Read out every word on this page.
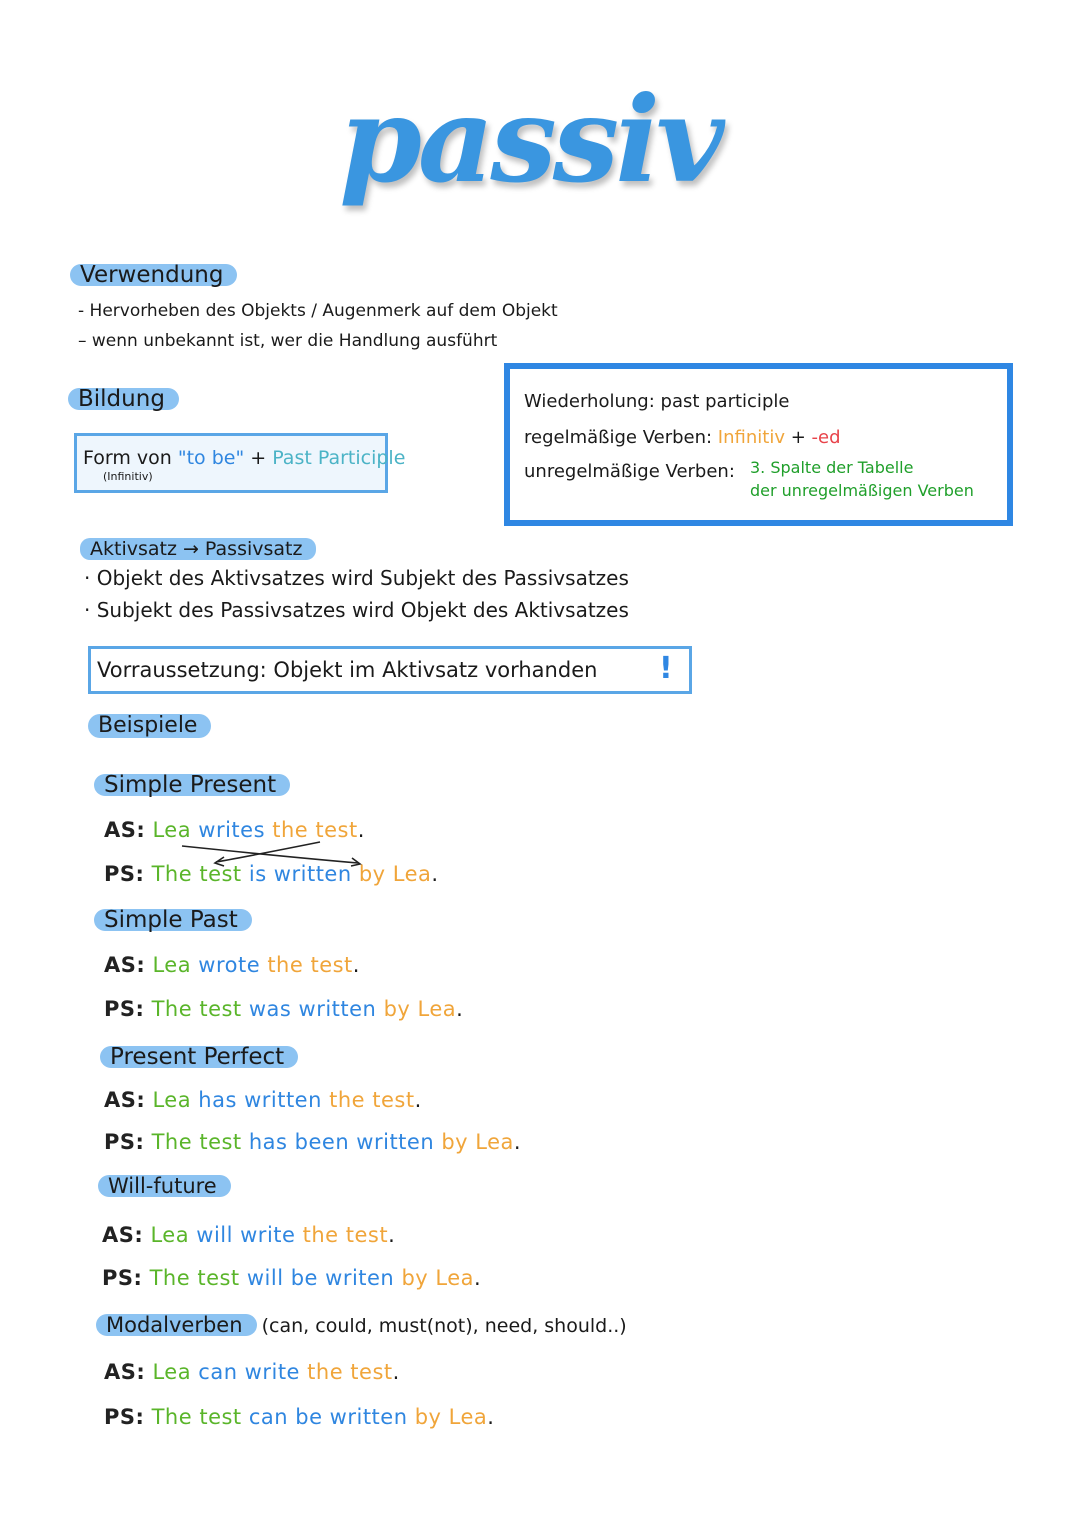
passiv
Verwendung
- Hervorheben des Objekts / Augenmerk auf dem Objekt
– wenn unbekannt ist, wer die Handlung ausführt
Bildung
Form von "to be" + Past Participle
(Infinitiv)
Wiederholung: past participle
regelmäßige Verben: Infinitiv + -ed
unregelmäßige Verben: 3. Spalte der Tabelle
der unregelmäßigen Verben
Aktivsatz → Passivsatz
· Objekt des Aktivsatzes wird Subjekt des Passivsatzes
· Subjekt des Passivsatzes wird Objekt des Aktivsatzes
Vorraussetzung: Objekt im Aktivsatz vorhanden !
Beispiele
Simple Present
AS: Lea writes the test.
PS: The test is written by Lea.
Simple Past
AS: Lea wrote the test.
PS: The test was written by Lea.
Present Perfect
AS: Lea has written the test.
PS: The test has been written by Lea.
Will-future
AS: Lea will write the test.
PS: The test will be writen by Lea.
Modalverben (can, could, must(not), need, should..)
AS: Lea can write the test.
PS: The test can be written by Lea.
